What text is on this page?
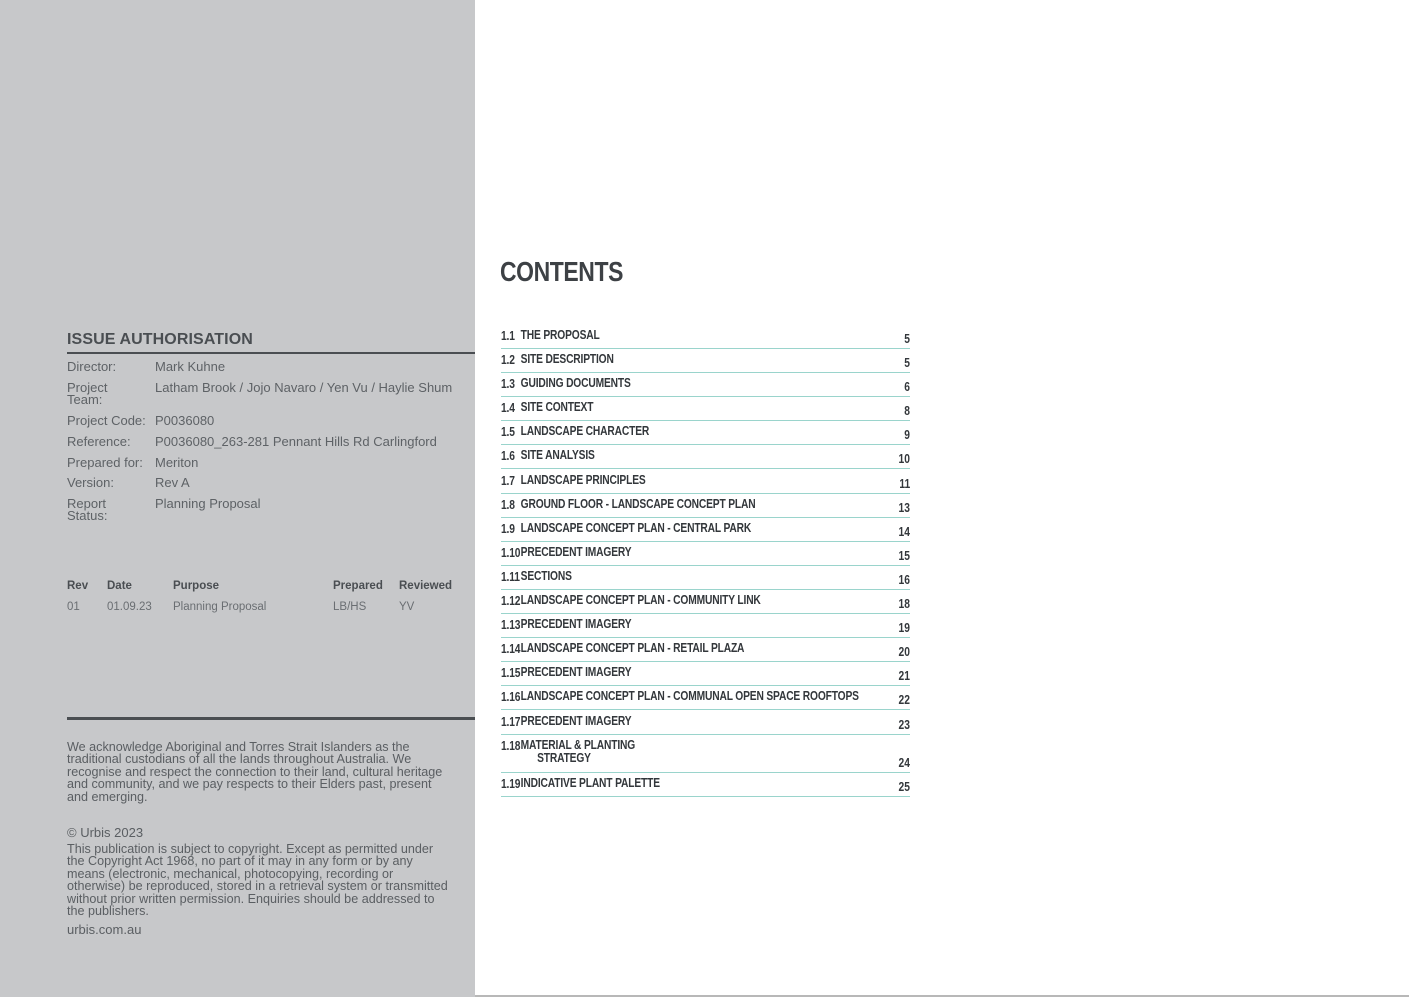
ISSUE AUTHORISATION
Director:	Mark Kuhne
Project Team:
Latham Brook / Jojo Navaro / Yen Vu / Haylie Shum
Project Code: P0036080
Reference:	P0036080_263-281 Pennant Hills Rd Carlingford
Prepared for: Meriton
Version:	Rev A
Report Status:
Planning Proposal
Rev	Date	Purpose	Prepared	Reviewed
01	01.09.23	Planning Proposal	LB/HS	YV
We acknowledge Aboriginal and Torres Strait Islanders as the traditional custodians of all the lands throughout Australia. We recognise and respect the connection to their land, cultural heritage and community, and we pay respects to their Elders past, present and emerging.
© Urbis 2023
This publication is subject to copyright. Except as permitted under the Copyright Act 1968, no part of it may in any form or by any means (electronic, mechanical, photocopying, recording or otherwise) be reproduced, stored in a retrieval system or transmitted without prior written permission. Enquiries should be addressed to the publishers.
urbis.com.au
CONTENTS
1.1 THE PROPOSAL	5
1.2 SITE DESCRIPTION	5
1.3 GUIDING DOCUMENTS	6
1.4 SITE CONTEXT	8
1.5 LANDSCAPE CHARACTER	9
1.6 SITE ANALYSIS	10
1.7 LANDSCAPE PRINCIPLES	11
1.8 GROUND FLOOR - LANDSCAPE CONCEPT PLAN	13
1.9 LANDSCAPE CONCEPT PLAN - CENTRAL PARK	14
1.10 PRECEDENT IMAGERY	15
1.11 SECTIONS	16
1.12 LANDSCAPE CONCEPT PLAN - COMMUNITY LINK	18
1.13 PRECEDENT IMAGERY	19
1.14 LANDSCAPE CONCEPT PLAN - RETAIL PLAZA	20
1.15 PRECEDENT IMAGERY	21
1.16 LANDSCAPE CONCEPT PLAN - COMMUNAL OPEN SPACE ROOFTOPS	22
1.17 PRECEDENT IMAGERY	23
1.18 MATERIAL & PLANTING
STRATEGY	24
1.19 INDICATIVE PLANT PALETTE	25
